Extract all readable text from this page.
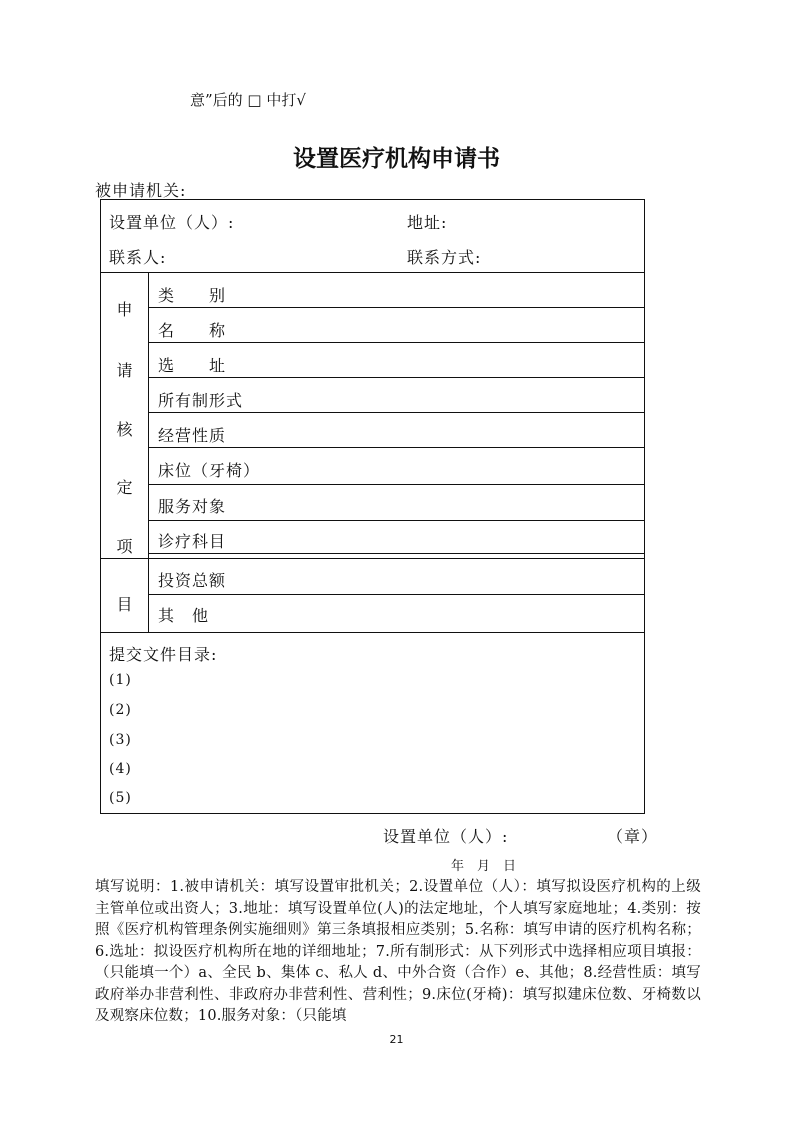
意”后的 □ 中打√
设置医疗机构申请书
被申请机关:
设置单位（人）:	地址:
联系人:	联系方式:
申
请
核
定
项
目
类　　别
名　　称
选　　址
所有制形式
经营性质
床位（牙椅）
服务对象
诊疗科目
投资总额
其　他
提交文件目录:
(1)
(2)
(3)
(4)
(5)
设置单位（人）:	（章）
年　月　日
填写说明：1.被申请机关：填写设置审批机关；2.设置单位（人）：填写拟设医疗机构的上级主管单位或出资人；3.地址：填写设置单位(人)的法定地址，个人填写家庭地址；4.类别：按照《医疗机构管理条例实施细则》第三条填报相应类别；5.名称：填写申请的医疗机构名称；6.选址：拟设医疗机构所在地的详细地址；7.所有制形式：从下列形式中选择相应项目填报：（只能填一个）a、全民 b、集体 c、私人 d、中外合资（合作）e、其他；8.经营性质：填写政府举办非营利性、非政府办非营利性、营利性；9.床位(牙椅)：填写拟建床位数、牙椅数以及观察床位数；10.服务对象：（只能填
21
